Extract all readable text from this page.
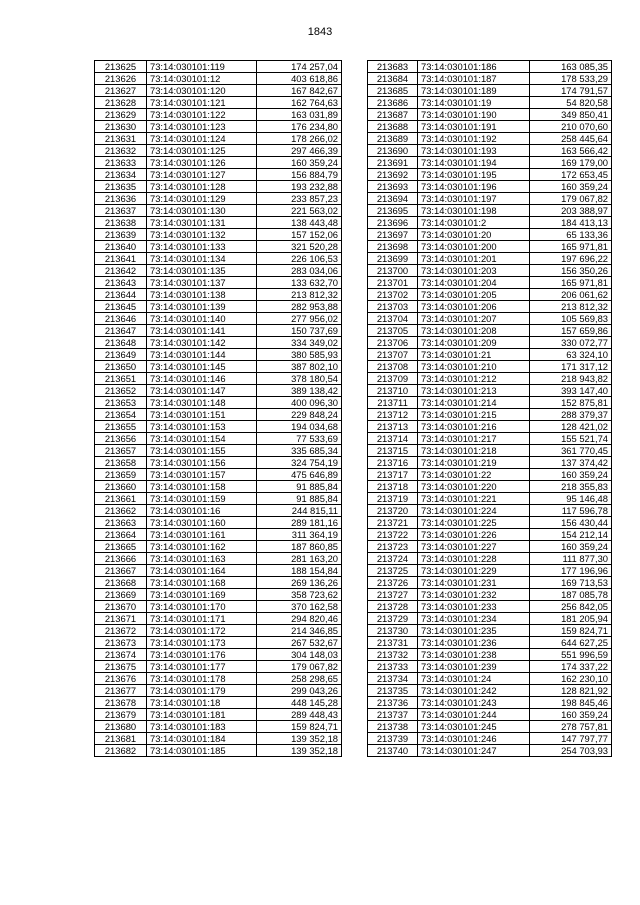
1843
213625	73:14:030101:119	174 257,04
213626	73:14:030101:12	403 618,86
213627	73:14:030101:120	167 842,67
213628	73:14:030101:121	162 764,63
213629	73:14:030101:122	163 031,89
213630	73:14:030101:123	176 234,80
213631	73:14:030101:124	178 266,02
213632	73:14:030101:125	297 466,39
213633	73:14:030101:126	160 359,24
213634	73:14:030101:127	156 884,79
213635	73:14:030101:128	193 232,88
213636	73:14:030101:129	233 857,23
213637	73:14:030101:130	221 563,02
213638	73:14:030101:131	138 443,48
213639	73:14:030101:132	157 152,06
213640	73:14:030101:133	321 520,28
213641	73:14:030101:134	226 106,53
213642	73:14:030101:135	283 034,06
213643	73:14:030101:137	133 632,70
213644	73:14:030101:138	213 812,32
213645	73:14:030101:139	282 953,88
213646	73:14:030101:140	277 956,02
213647	73:14:030101:141	150 737,69
213648	73:14:030101:142	334 349,02
213649	73:14:030101:144	380 585,93
213650	73:14:030101:145	387 802,10
213651	73:14:030101:146	378 180,54
213652	73:14:030101:147	389 138,42
213653	73:14:030101:148	400 096,30
213654	73:14:030101:151	229 848,24
213655	73:14:030101:153	194 034,68
213656	73:14:030101:154	77 533,69
213657	73:14:030101:155	335 685,34
213658	73:14:030101:156	324 754,19
213659	73:14:030101:157	475 646,89
213660	73:14:030101:158	91 885,84
213661	73:14:030101:159	91 885,84
213662	73:14:030101:16	244 815,11
213663	73:14:030101:160	289 181,16
213664	73:14:030101:161	311 364,19
213665	73:14:030101:162	187 860,85
213666	73:14:030101:163	281 163,20
213667	73:14:030101:164	188 154,84
213668	73:14:030101:168	269 136,26
213669	73:14:030101:169	358 723,62
213670	73:14:030101:170	370 162,58
213671	73:14:030101:171	294 820,46
213672	73:14:030101:172	214 346,85
213673	73:14:030101:173	267 532,67
213674	73:14:030101:176	304 148,03
213675	73:14:030101:177	179 067,82
213676	73:14:030101:178	258 298,65
213677	73:14:030101:179	299 043,26
213678	73:14:030101:18	448 145,28
213679	73:14:030101:181	289 448,43
213680	73:14:030101:183	159 824,71
213681	73:14:030101:184	139 352,18
213682	73:14:030101:185	139 352,18
213683	73:14:030101:186	163 085,35
213684	73:14:030101:187	178 533,29
213685	73:14:030101:189	174 791,57
213686	73:14:030101:19	54 820,58
213687	73:14:030101:190	349 850,41
213688	73:14:030101:191	210 070,60
213689	73:14:030101:192	258 445,64
213690	73:14:030101:193	163 566,42
213691	73:14:030101:194	169 179,00
213692	73:14:030101:195	172 653,45
213693	73:14:030101:196	160 359,24
213694	73:14:030101:197	179 067,82
213695	73:14:030101:198	203 388,97
213696	73:14:030101:2	184 413,13
213697	73:14:030101:20	65 133,36
213698	73:14:030101:200	165 971,81
213699	73:14:030101:201	197 696,22
213700	73:14:030101:203	156 350,26
213701	73:14:030101:204	165 971,81
213702	73:14:030101:205	206 061,62
213703	73:14:030101:206	213 812,32
213704	73:14:030101:207	105 569,83
213705	73:14:030101:208	157 659,86
213706	73:14:030101:209	330 072,77
213707	73:14:030101:21	63 324,10
213708	73:14:030101:210	171 317,12
213709	73:14:030101:212	218 943,82
213710	73:14:030101:213	393 147,40
213711	73:14:030101:214	152 875,81
213712	73:14:030101:215	288 379,37
213713	73:14:030101:216	128 421,02
213714	73:14:030101:217	155 521,74
213715	73:14:030101:218	361 770,45
213716	73:14:030101:219	137 374,42
213717	73:14:030101:22	160 359,24
213718	73:14:030101:220	218 355,83
213719	73:14:030101:221	95 146,48
213720	73:14:030101:224	117 596,78
213721	73:14:030101:225	156 430,44
213722	73:14:030101:226	154 212,14
213723	73:14:030101:227	160 359,24
213724	73:14:030101:228	111 877,30
213725	73:14:030101:229	177 196,96
213726	73:14:030101:231	169 713,53
213727	73:14:030101:232	187 085,78
213728	73:14:030101:233	256 842,05
213729	73:14:030101:234	181 205,94
213730	73:14:030101:235	159 824,71
213731	73:14:030101:236	644 627,25
213732	73:14:030101:238	551 996,59
213733	73:14:030101:239	174 337,22
213734	73:14:030101:24	162 230,10
213735	73:14:030101:242	128 821,92
213736	73:14:030101:243	198 845,46
213737	73:14:030101:244	160 359,24
213738	73:14:030101:245	278 757,81
213739	73:14:030101:246	147 797,77
213740	73:14:030101:247	254 703,93
